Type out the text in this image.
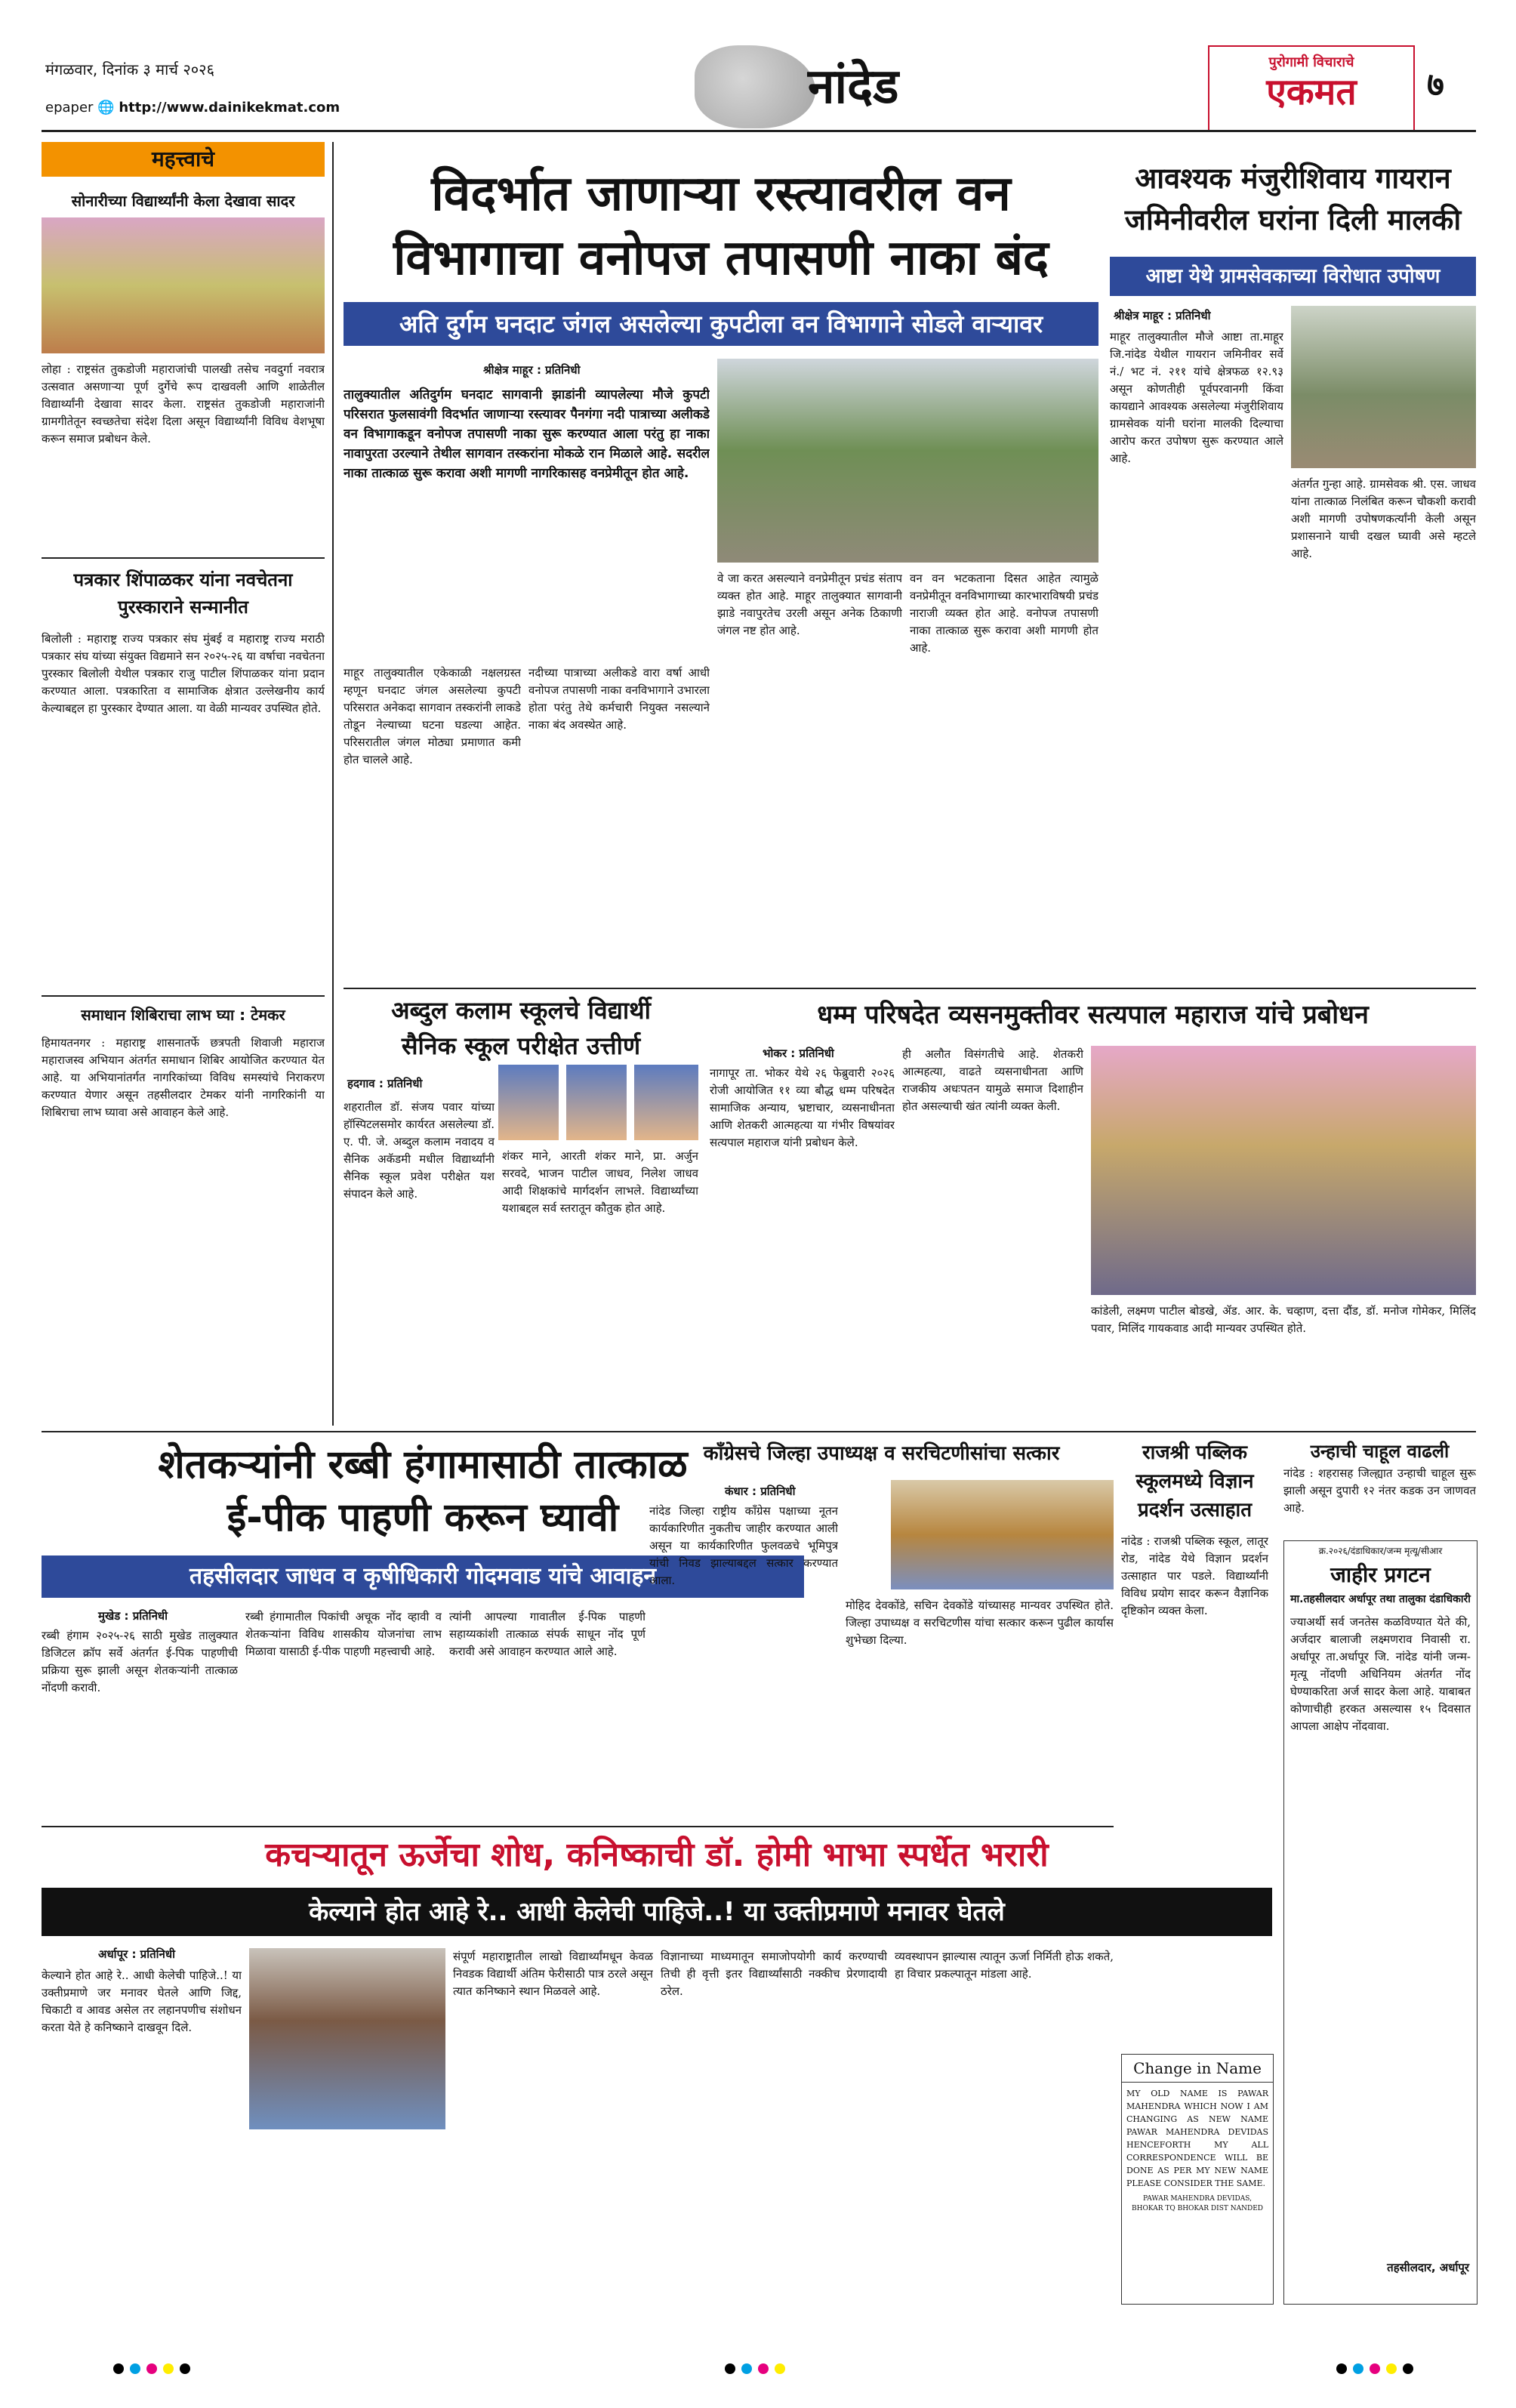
मंगळवार, दिनांक ३ मार्च २०२६
epaper 🌐 http://www.dainikekmat.com	नांदेड	पुरोगामी विचाराचे
एकमत	७
महत्त्वाचे
सोनारीच्या विद्यार्थ्यांनी केला देखावा सादर
लोहा : राष्ट्रसंत तुकडोजी महाराजांची पालखी तसेच नवदुर्गा नवरात्र उत्सवात असणाऱ्या पूर्ण दुर्गेचे रूप दाखवली आणि शाळेतील विद्यार्थ्यांनी देखावा सादर केला. राष्ट्रसंत तुकडोजी महाराजांनी ग्रामगीतेतून स्वच्छतेचा संदेश दिला असून विद्यार्थ्यांनी विविध वेशभूषा करून समाज प्रबोधन केले.
पत्रकार शिंपाळकर यांना नवचेतना पुरस्काराने सन्मानीत
बिलोली : महाराष्ट्र राज्य पत्रकार संघ मुंबई व महाराष्ट्र राज्य मराठी पत्रकार संघ यांच्या संयुक्त विद्यमाने सन २०२५-२६ या वर्षाचा नवचेतना पुरस्कार बिलोली येथील पत्रकार राजु पाटील शिंपाळकर यांना प्रदान करण्यात आला. पत्रकारिता व सामाजिक क्षेत्रात उल्लेखनीय कार्य केल्याबद्दल हा पुरस्कार देण्यात आला. या वेळी मान्यवर उपस्थित होते.
समाधान शिबिराचा लाभ घ्या : टेमकर
हिमायतनगर : महाराष्ट्र शासनातर्फे छत्रपती शिवाजी महाराज महाराजस्व अभियान अंतर्गत समाधान शिबिर आयोजित करण्यात येत आहे. या अभियानांतर्गत नागरिकांच्या विविध समस्यांचे निराकरण करण्यात येणार असून तहसीलदार टेमकर यांनी नागरिकांनी या शिबिराचा लाभ घ्यावा असे आवाहन केले आहे.
विदर्भात जाणाऱ्या रस्त्यावरील वन
विभागाचा वनोपज तपासणी नाका बंद
अति दुर्गम घनदाट जंगल असलेल्या कुपटीला वन विभागाने सोडले वाऱ्यावर
श्रीक्षेत्र माहूर : प्रतिनिधी
तालुक्यातील अतिदुर्गम घनदाट सागवानी झाडांनी व्यापलेल्या मौजे कुपटी परिसरात फुलसावंगी विदर्भात जाणाऱ्या रस्त्यावर पैनगंगा नदी पात्राच्या अलीकडे वन विभागाकडून वनोपज तपासणी नाका सुरू करण्यात आला परंतु हा नाका नावापुरता उरल्याने तेथील सागवान तस्करांना मोकळे रान मिळाले आहे. सदरील नाका तात्काळ सुरू करावा अशी मागणी नागरिकासह वनप्रेमीतून होत आहे.
वे जा करत असल्याने वनप्रेमीतून प्रचंड संताप व्यक्त होत आहे. माहूर तालुक्यात सागवानी झाडे नवापुरतेच उरली असून अनेक ठिकाणी जंगल नष्ट होत आहे.
वन वन भटकताना दिसत आहेत त्यामुळे वनप्रेमीतून वनविभागाच्या कारभाराविषयी प्रचंड नाराजी व्यक्त होत आहे. वनोपज तपासणी नाका तात्काळ सुरू करावा अशी मागणी होत आहे.
माहूर तालुक्यातील एकेकाळी नक्षलग्रस्त म्हणून घनदाट जंगल असलेल्या कुपटी परिसरात अनेकदा सागवान तस्करांनी लाकडे तोडून नेल्याच्या घटना घडल्या आहेत. परिसरातील जंगल मोठ्या प्रमाणात कमी होत चालले आहे.
नदीच्या पात्राच्या अलीकडे वारा वर्षा आधी वनोपज तपासणी नाका वनविभागाने उभारला होता परंतु तेथे कर्मचारी नियुक्त नसल्याने नाका बंद अवस्थेत आहे.
आवश्यक मंजुरीशिवाय गायरान
जमिनीवरील घरांना दिली मालकी
आष्टा येथे ग्रामसेवकाच्या विरोधात उपोषण
श्रीक्षेत्र माहूर : प्रतिनिधी
माहूर तालुक्यातील मौजे आष्टा ता.माहूर जि.नांदेड येथील गायरान जमिनीवर सर्वे नं./ भट नं. २११ यांचे क्षेत्रफळ १२.९३ असून कोणतीही पूर्वपरवानगी किंवा कायद्याने आवश्यक असलेल्या मंजुरीशिवाय ग्रामसेवक यांनी घरांना मालकी दिल्याचा आरोप करत उपोषण सुरू करण्यात आले आहे.
अंतर्गत गुन्हा आहे. ग्रामसेवक श्री. एस. जाधव यांना तात्काळ निलंबित करून चौकशी करावी अशी मागणी उपोषणकर्त्यांनी केली असून प्रशासनाने याची दखल घ्यावी असे म्हटले आहे.
अब्दुल कलाम स्कूलचे विद्यार्थी
सैनिक स्कूल परीक्षेत उत्तीर्ण
हदगाव : प्रतिनिधी
शहरातील डॉ. संजय पवार यांच्या हॉस्पिटलसमोर कार्यरत असलेल्या डॉ. ए. पी. जे. अब्दुल कलाम नवादय व सैनिक अकॅडमी मधील विद्यार्थ्यांनी सैनिक स्कूल प्रवेश परीक्षेत यश संपादन केले आहे.
शंकर माने, आरती शंकर माने, प्रा. अर्जुन सरवदे, भाजन पाटील जाधव, निलेश जाधव आदी शिक्षकांचे मार्गदर्शन लाभले. विद्यार्थ्यांच्या यशाबद्दल सर्व स्तरातून कौतुक होत आहे.
धम्म परिषदेत व्यसनमुक्तीवर सत्यपाल महाराज यांचे प्रबोधन
भोकर : प्रतिनिधी
नागापूर ता. भोकर येथे २६ फेब्रुवारी २०२६ रोजी आयोजित ११ व्या बौद्ध धम्म परिषदेत सामाजिक अन्याय, भ्रष्टाचार, व्यसनाधीनता आणि शेतकरी आत्महत्या या गंभीर विषयांवर सत्यपाल महाराज यांनी प्रबोधन केले.
ही अलौत विसंगतीचे आहे. शेतकरी आत्महत्या, वाढते व्यसनाधीनता आणि राजकीय अधःपतन यामुळे समाज दिशाहीन होत असल्याची खंत त्यांनी व्यक्त केली.
कांडेली, लक्ष्मण पाटील बोडखे, ॲड. आर. के. चव्हाण, दत्ता दौंड, डॉ. मनोज गोमेकर, मिलिंद पवार, मिलिंद गायकवाड आदी मान्यवर उपस्थित होते.
शेतकऱ्यांनी रब्बी हंगामासाठी तात्काळ
ई-पीक पाहणी करून घ्यावी
तहसीलदार जाधव व कृषीधिकारी गोदमवाड यांचे आवाहन
मुखेड : प्रतिनिधी
रब्बी हंगाम २०२५-२६ साठी मुखेड तालुक्यात डिजिटल क्रॉप सर्वे अंतर्गत ई-पिक पाहणीची प्रक्रिया सुरू झाली असून शेतकऱ्यांनी तात्काळ नोंदणी करावी.
रब्बी हंगामातील पिकांची अचूक नोंद व्हावी व शेतकऱ्यांना विविध शासकीय योजनांचा लाभ मिळावा यासाठी ई-पीक पाहणी महत्त्वाची आहे.
त्यांनी आपल्या गावातील ई-पिक पाहणी सहाय्यकांशी तात्काळ संपर्क साधून नोंद पूर्ण करावी असे आवाहन करण्यात आले आहे.
कॉंग्रेसचे जिल्हा उपाध्यक्ष व सरचिटणीसांचा सत्कार
कंधार : प्रतिनिधी
नांदेड जिल्हा राष्ट्रीय काँग्रेस पक्षाच्या नूतन कार्यकारिणीत नुकतीच जाहीर करण्यात आली असून या कार्यकारिणीत फुलवळचे भूमिपुत्र यांची निवड झाल्याबद्दल सत्कार करण्यात आला.
मोहिद देवकोंडे, सचिन देवकोंडे यांच्यासह मान्यवर उपस्थित होते. जिल्हा उपाध्यक्ष व सरचिटणीस यांचा सत्कार करून पुढील कार्यास शुभेच्छा दिल्या.
राजश्री पब्लिक
स्कूलमध्ये विज्ञान
प्रदर्शन उत्साहात
नांदेड : राजश्री पब्लिक स्कूल, लातूर रोड, नांदेड येथे विज्ञान प्रदर्शन उत्साहात पार पडले. विद्यार्थ्यांनी विविध प्रयोग सादर करून वैज्ञानिक दृष्टिकोन व्यक्त केला.
उन्हाची चाहूल वाढली
नांदेड : शहरासह जिल्ह्यात उन्हाची चाहूल सुरू झाली असून दुपारी १२ नंतर कडक उन जाणवत आहे.
क्र.२०२६/दंडाधिकार/जन्म मृत्यू/सीआर
जाहीर प्रगटन
मा.तहसीलदार अर्धापूर तथा तालुका दंडाधिकारी
ज्याअर्थी सर्व जनतेस कळविण्यात येते की, अर्जदार बालाजी लक्ष्मणराव निवासी रा. अर्धापूर ता.अर्धापूर जि. नांदेड यांनी जन्म-मृत्यू नोंदणी अधिनियम अंतर्गत नोंद घेण्याकरिता अर्ज सादर केला आहे. याबाबत कोणाचीही हरकत असल्यास १५ दिवसात आपला आक्षेप नोंदवावा.
तहसीलदार, अर्धापूर
कचऱ्यातून ऊर्जेचा शोध, कनिष्काची डॉ. होमी भाभा स्पर्धेत भरारी
केल्याने होत आहे रे.. आधी केलेची पाहिजे..! या उक्तीप्रमाणे मनावर घेतले
अर्धापूर : प्रतिनिधी
केल्याने होत आहे रे.. आधी केलेची पाहिजे..! या उक्तीप्रमाणे जर मनावर घेतले आणि जिद्द, चिकाटी व आवड असेल तर लहानपणीच संशोधन करता येते हे कनिष्काने दाखवून दिले.
संपूर्ण महाराष्ट्रातील लाखो विद्यार्थ्यांमधून केवळ निवडक विद्यार्थी अंतिम फेरीसाठी पात्र ठरले असून त्यात कनिष्काने स्थान मिळवले आहे.
विज्ञानाच्या माध्यमातून समाजोपयोगी कार्य करण्याची तिची ही वृत्ती इतर विद्यार्थ्यांसाठी नक्कीच प्रेरणादायी ठरेल.
व्यवस्थापन झाल्यास त्यातून ऊर्जा निर्मिती होऊ शकते, हा विचार प्रकल्पातून मांडला आहे.
Change in Name
MY OLD NAME IS PAWAR MAHENDRA WHICH NOW I AM CHANGING AS NEW NAME PAWAR MAHENDRA DEVIDAS HENCEFORTH MY ALL CORRESPONDENCE WILL BE DONE AS PER MY NEW NAME PLEASE CONSIDER THE SAME.
PAWAR MAHENDRA DEVIDAS, BHOKAR TQ BHOKAR DIST NANDED
